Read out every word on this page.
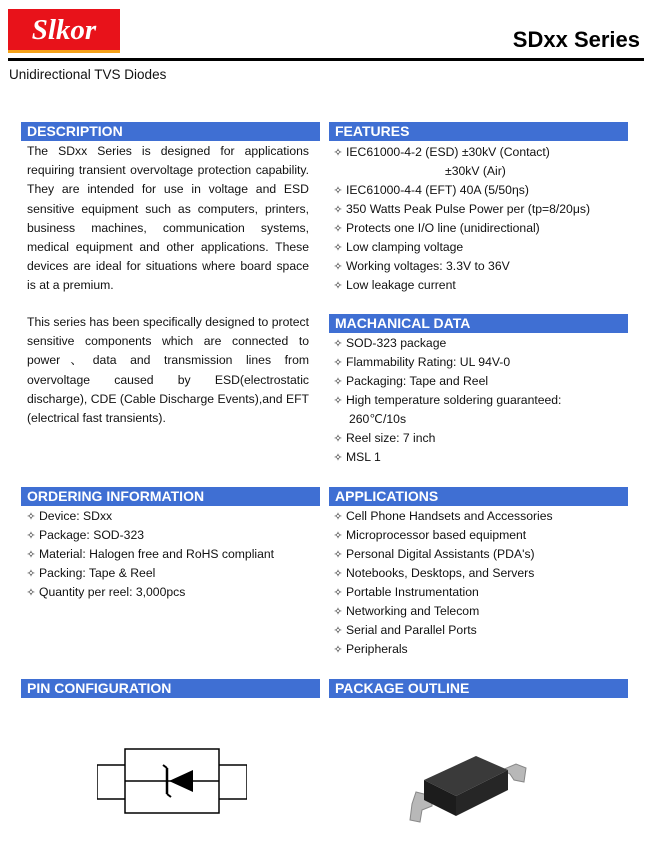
Slkor	SDxx Series
Unidirectional TVS Diodes
DESCRIPTION

The SDxx Series is designed for applications requiring transient overvoltage protection capability. They are intended for use in voltage and ESD sensitive equipment such as computers, printers, business machines, communication systems, medical equipment and other applications. These devices are ideal for situations where board space is at a premium.

This series has been specifically designed to protect sensitive components which are connected to power、data and transmission lines from overvoltage caused by ESD(electrostatic discharge), CDE (Cable Discharge Events),and EFT (electrical fast transients).

FEATURES
✧ IEC61000-4-2 (ESD) ±30kV (Contact)
±30kV (Air)
✧ IEC61000-4-4 (EFT) 40A (5/50ηs)
✧ 350 Watts Peak Pulse Power per (tp=8/20μs)
✧ Protects one I/O line (unidirectional)
✧ Low clamping voltage
✧ Working voltages: 3.3V to 36V
✧ Low leakage current
MACHANICAL DATA
✧ SOD-323 package
✧ Flammability Rating: UL 94V-0
✧ Packaging: Tape and Reel
✧ High temperature soldering guaranteed:
260℃/10s
✧ Reel size: 7 inch
✧ MSL 1
ORDERING INFORMATION
✧ Device: SDxx
✧ Package: SOD-323
✧ Material: Halogen free and RoHS compliant
✧ Packing: Tape & Reel
✧ Quantity per reel: 3,000pcs
APPLICATIONS
✧ Cell Phone Handsets and Accessories
✧ Microprocessor based equipment
✧ Personal Digital Assistants (PDA's)
✧ Notebooks, Desktops, and Servers
✧ Portable Instrumentation
✧ Networking and Telecom
✧ Serial and Parallel Ports
✧ Peripherals
PIN CONFIGURATION	PACKAGE OUTLINE
